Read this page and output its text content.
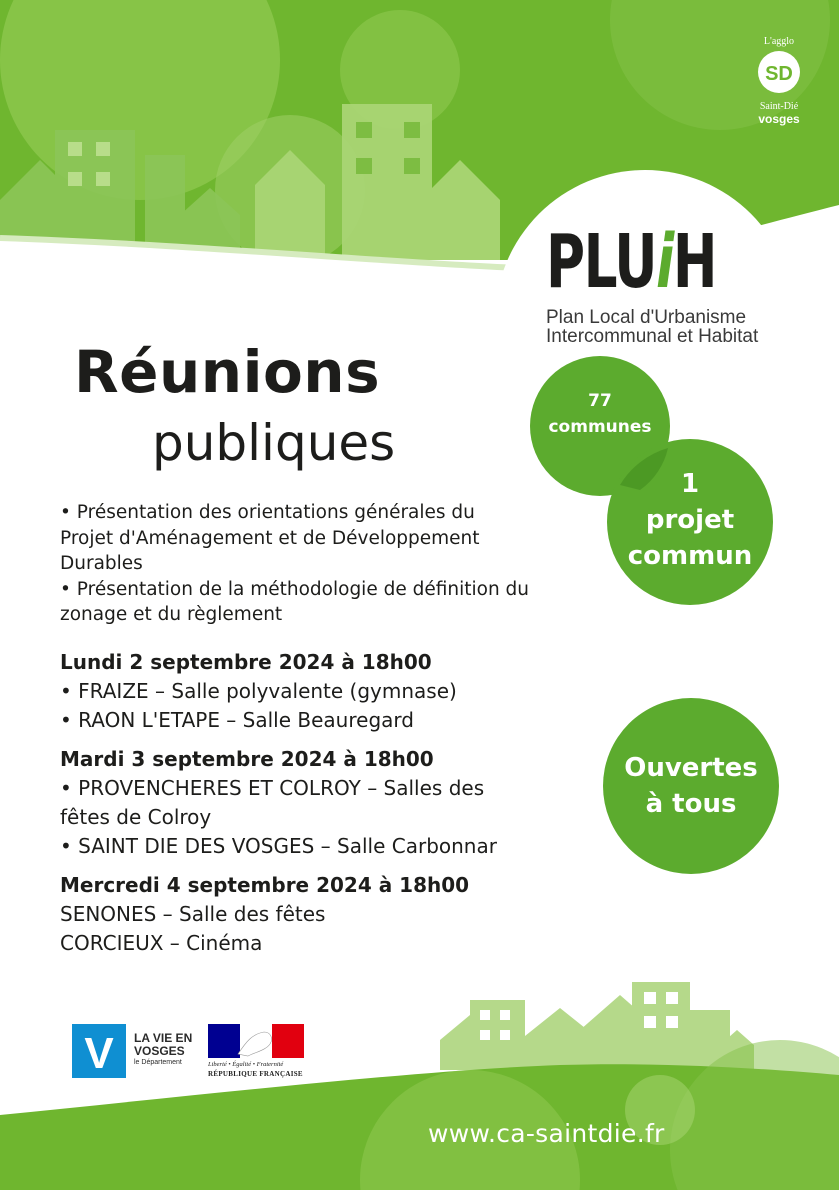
L'agglo
SD
Saint-Dié
vosges
PLUiH
Plan Local d'Urbanisme
Intercommunal et Habitat
Réunions
publiques

• Présentation des orientations générales du Projet d'Aménagement et de Développement Durables

• Présentation de la méthodologie de définition du zonage et du règlement

Lundi 2 septembre 2024 à 18h00
• FRAIZE – Salle polyvalente (gymnase)
• RAON L'ETAPE – Salle Beauregard
Mardi 3 septembre 2024 à 18h00
• PROVENCHERES ET COLROY – Salles des fêtes de Colroy
• SAINT DIE DES VOSGES – Salle Carbonnar
Mercredi 4 septembre 2024 à 18h00
SENONES – Salle des fêtes
CORCIEUX – Cinéma
77
communes
1
projet
commun
Ouvertes
à tous
V LA VIE EN
VOSGES
le Département	Liberté • Égalité • Fraternité
RÉPUBLIQUE FRANÇAISE
www.ca-saintdie.fr
